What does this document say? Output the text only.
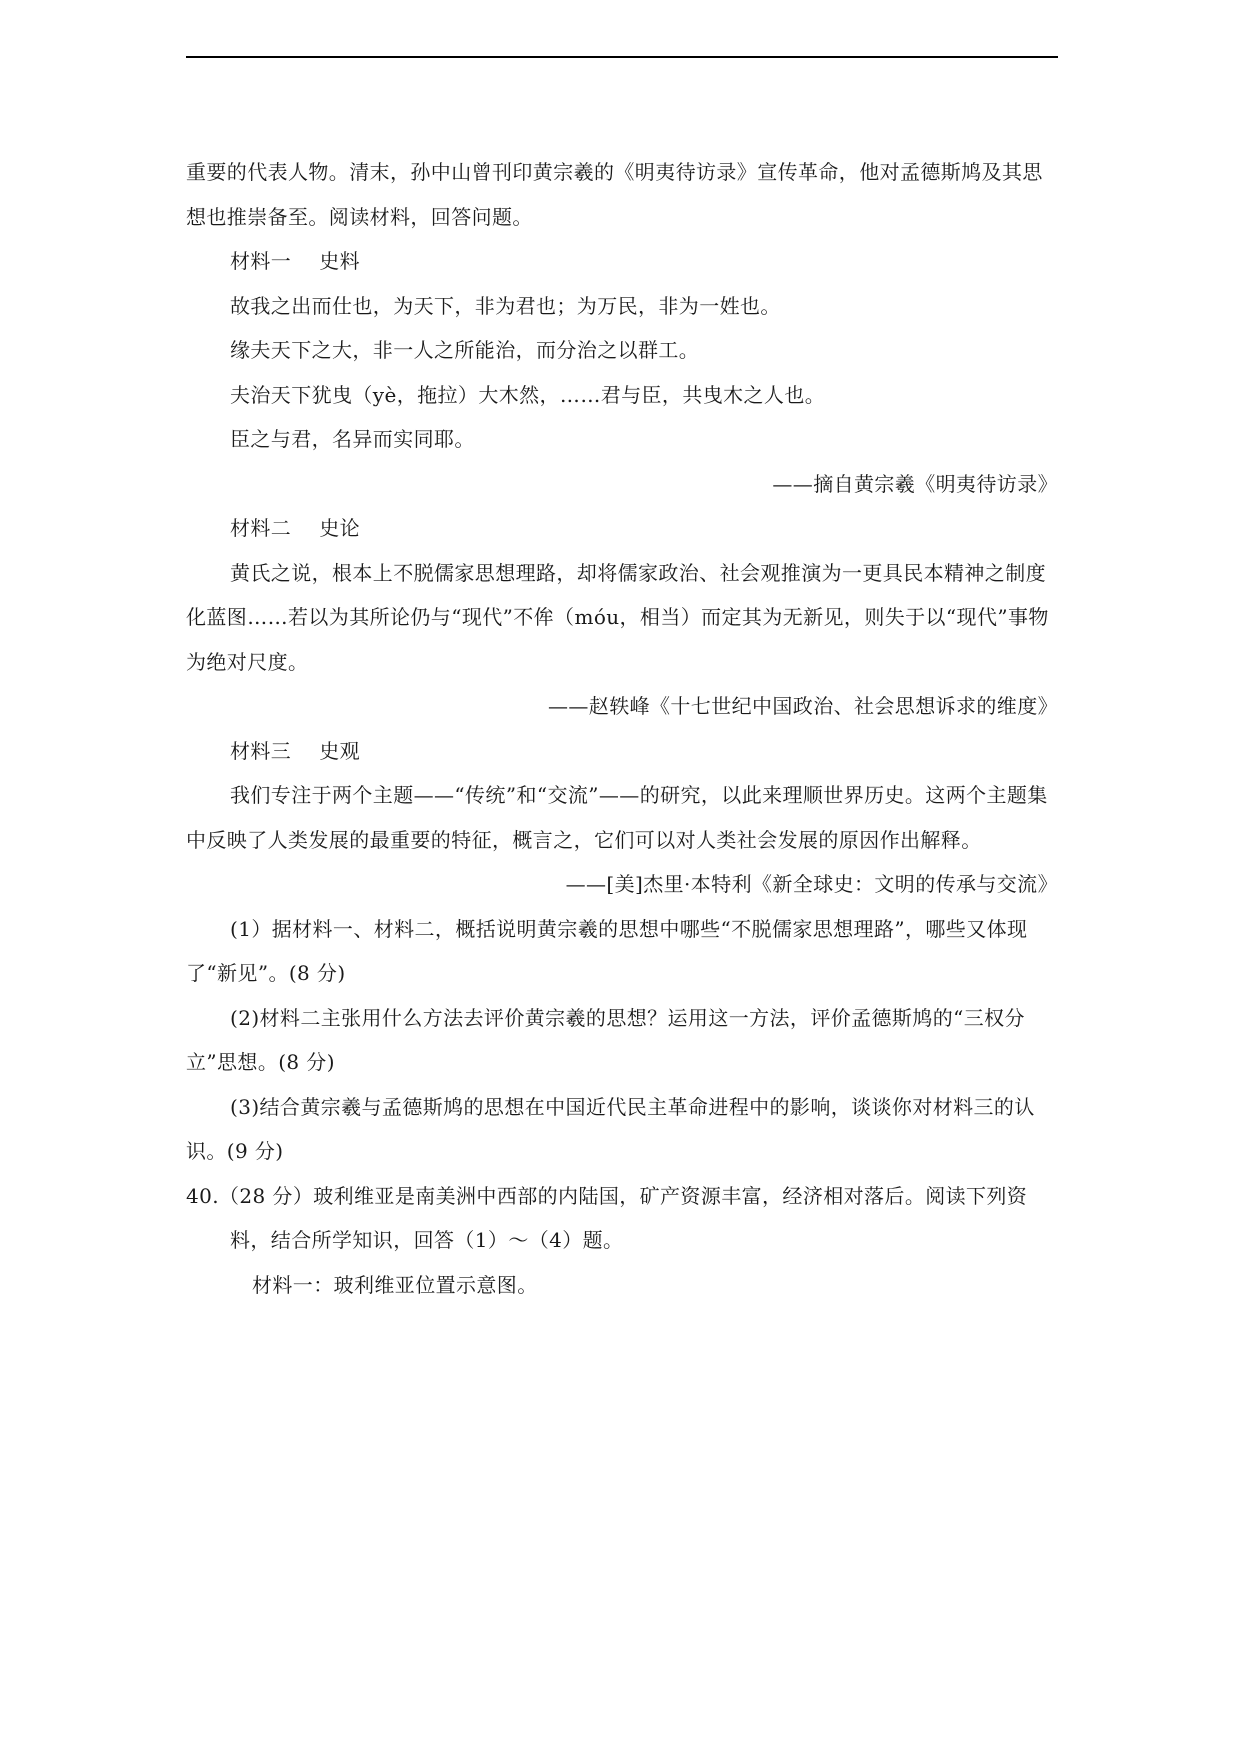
重要的代表人物。清末，孙中山曾刊印黄宗羲的《明夷待访录》宣传革命，他对孟德斯鸠及其思想也推崇备至。阅读材料，回答问题。

材料一 史料

故我之出而仕也，为天下，非为君也；为万民，非为一姓也。

缘夫天下之大，非一人之所能治，而分治之以群工。

夫治天下犹曳（yè，拖拉）大木然，……君与臣，共曳木之人也。

臣之与君，名异而实同耶。

——摘自黄宗羲《明夷待访录》

材料二 史论

黄氏之说，根本上不脱儒家思想理路，却将儒家政治、社会观推演为一更具民本精神之制度化蓝图……若以为其所论仍与“现代”不侔（móu，相当）而定其为无新见，则失于以“现代”事物为绝对尺度。

——赵轶峰《十七世纪中国政治、社会思想诉求的维度》

材料三 史观

我们专注于两个主题——“传统”和“交流”——的研究，以此来理顺世界历史。这两个主题集中反映了人类发展的最重要的特征，概言之，它们可以对人类社会发展的原因作出解释。

——[美]杰里·本特利《新全球史：文明的传承与交流》

(1）据材料一、材料二，概括说明黄宗羲的思想中哪些“不脱儒家思想理路”，哪些又体现了“新见”。(8 分)

(2)材料二主张用什么方法去评价黄宗羲的思想？运用这一方法，评价孟德斯鸠的“三权分立”思想。(8 分)

(3)结合黄宗羲与孟德斯鸠的思想在中国近代民主革命进程中的影响，谈谈你对材料三的认识。(9 分)

40.（28 分）玻利维亚是南美洲中西部的内陆国，矿产资源丰富，经济相对落后。阅读下列资料，结合所学知识，回答（1）～（4）题。

材料一：玻利维亚位置示意图。
